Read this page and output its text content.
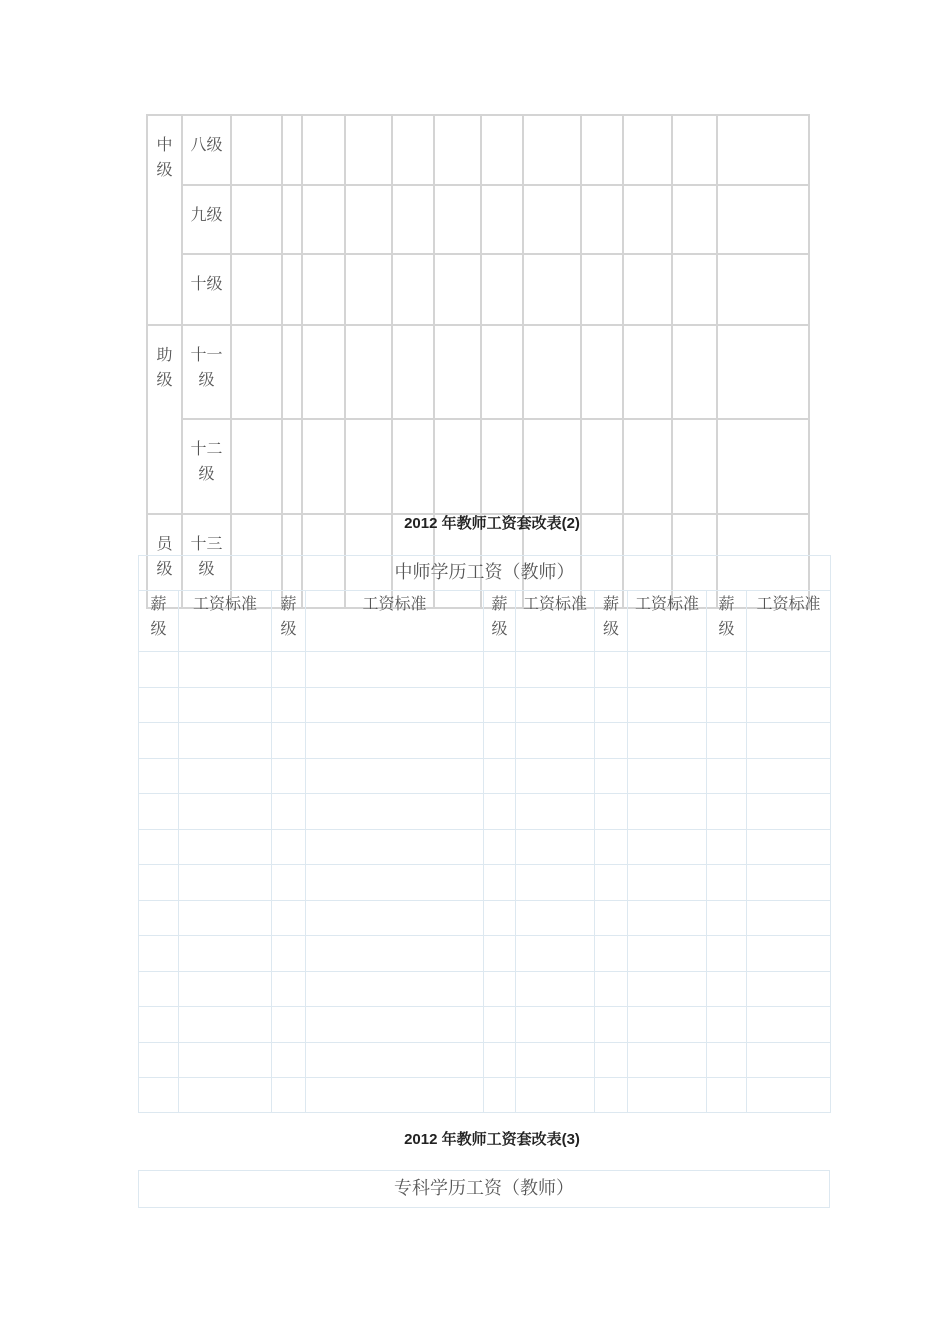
中级	八级												
	九级												
	十级												
助级	十一级												
	十二级												
员级	十三级												
2012 年教师工资套改表(2)
中师学历工资（教师）									
薪级	工资标准	薪级	工资标准	薪级	工资标准	薪级	工资标准	薪级	工资标准

2012 年教师工资套改表(3)
专科学历工资（教师）
